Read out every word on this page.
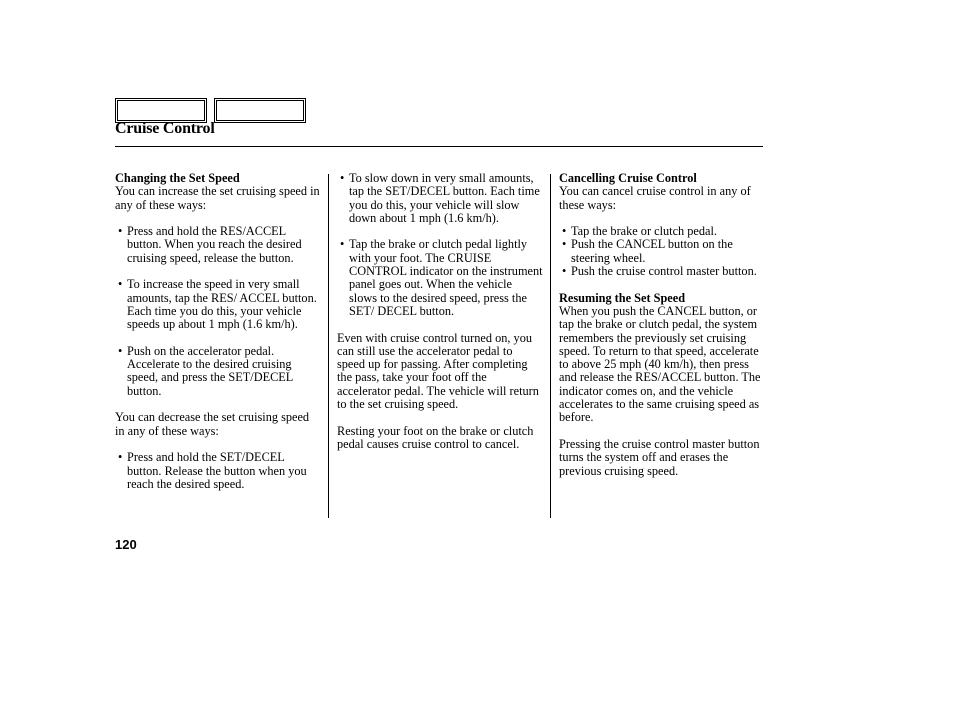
Cruise Control

Changing the Set Speed

You can increase the set cruising speed in any of these ways:

• Press and hold the RES/ACCEL button. When you reach the desired cruising speed, release the button.

• To increase the speed in very small amounts, tap the RES/ ACCEL button. Each time you do this, your vehicle speeds up about 1 mph (1.6 km/h).

• Push on the accelerator pedal. Accelerate to the desired cruising speed, and press the SET/DECEL button.

You can decrease the set cruising speed in any of these ways:

• Press and hold the SET/DECEL button. Release the button when you reach the desired speed.

• To slow down in very small amounts, tap the SET/DECEL button. Each time you do this, your vehicle will slow down about 1 mph (1.6 km/h).

• Tap the brake or clutch pedal lightly with your foot. The CRUISE CONTROL indicator on the instrument panel goes out. When the vehicle slows to the desired speed, press the SET/ DECEL button.

Even with cruise control turned on, you can still use the accelerator pedal to speed up for passing. After completing the pass, take your foot off the accelerator pedal. The vehicle will return to the set cruising speed.

Resting your foot on the brake or clutch pedal causes cruise control to cancel.

Cancelling Cruise Control

You can cancel cruise control in any of these ways:

• Tap the brake or clutch pedal.

• Push the CANCEL button on the steering wheel.

• Push the cruise control master button.

Resuming the Set Speed

When you push the CANCEL button, or tap the brake or clutch pedal, the system remembers the previously set cruising speed. To return to that speed, accelerate to above 25 mph (40 km/h), then press and release the RES/ACCEL button. The indicator comes on, and the vehicle accelerates to the same cruising speed as before.

Pressing the cruise control master button turns the system off and erases the previous cruising speed.

120
